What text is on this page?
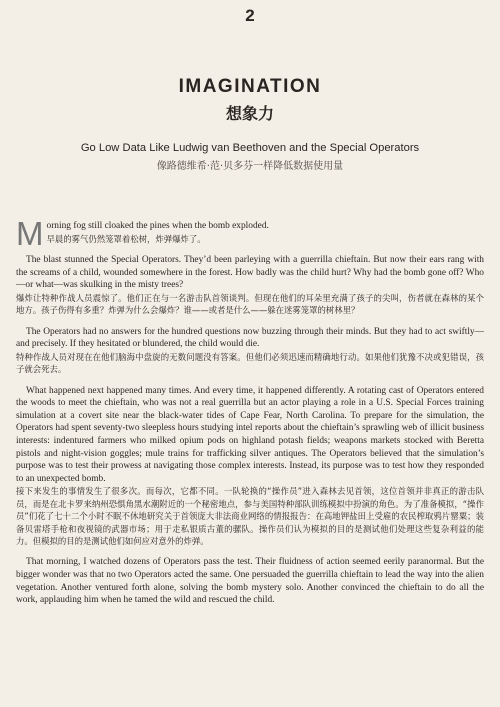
2
IMAGINATION
想象力
Go Low Data Like Ludwig van Beethoven and the Special Operators
像路德维希·范·贝多芬一样降低数据使用量
M orning fog still cloaked the pines when the bomb exploded.

早晨的雾气仍然笼罩着松树，炸弹爆炸了。

The blast stunned the Special Operators. They’d been parleying with a guerrilla chieftain. But now their ears rang with the screams of a child, wounded somewhere in the forest. How badly was the child hurt? Why had the bomb gone off? Who—or what—was skulking in the misty trees?

爆炸让特种作战人员震惊了。他们正在与一名游击队首领谈判。但现在他们的耳朵里充满了孩子的尖叫，伤者就在森林的某个地方。孩子伤得有多重？炸弹为什么会爆炸？谁——或者是什么——躲在迷雾笼罩的树林里？

The Operators had no answers for the hundred questions now buzzing through their minds. But they had to act swiftly—and precisely. If they hesitated or blundered, the child would die.

特种作战人员对现在在他们脑海中盘旋的无数问题没有答案。但他们必须迅速而精确地行动。如果他们犹豫不决或犯错误，孩子就会死去。

What happened next happened many times. And every time, it happened differently. A rotating cast of Operators entered the woods to meet the chieftain, who was not a real guerrilla but an actor playing a role in a U.S. Special Forces training simulation at a covert site near the black-water tides of Cape Fear, North Carolina. To prepare for the simulation, the Operators had spent seventy-two sleepless hours studying intel reports about the chieftain’s sprawling web of illicit business interests: indentured farmers who milked opium pods on highland potash fields; weapons markets stocked with Beretta pistols and night-vision goggles; mule trains for trafficking silver antiques. The Operators believed that the simulation’s purpose was to test their prowess at navigating those complex interests. Instead, its purpose was to test how they responded to an unexpected bomb.

接下来发生的事情发生了很多次。而每次，它都不同。一队轮换的“操作员”进入森林去见首领，这位首领并非真正的游击队员，而是在北卡罗来纳州恐惧角黑水潮附近的一个秘密地点，参与美国特种部队训练模拟中扮演的角色。为了准备模拟，“操作员”们花了七十二个小时不眠不休地研究关于首领庞大非法商业网络的情报报告：在高地钾盐田上受雇的农民榨取鸦片罂粟；装备贝雷塔手枪和夜视镜的武器市场；用于走私银质古董的骡队。操作员们认为模拟的目的是测试他们处理这些复杂利益的能力。但模拟的目的是测试他们如何应对意外的炸弹。

That morning, I watched dozens of Operators pass the test. Their fluidness of action seemed eerily paranormal. But the bigger wonder was that no two Operators acted the same. One persuaded the guerrilla chieftain to lead the way into the alien vegetation. Another ventured forth alone, solving the bomb mystery solo. Another convinced the chieftain to do all the work, applauding him when he tamed the wild and rescued the child.
